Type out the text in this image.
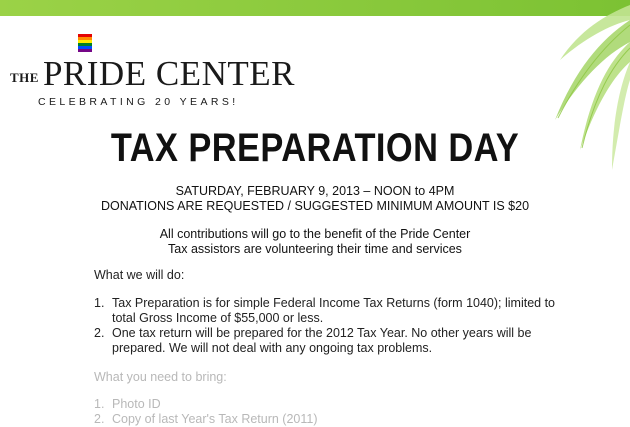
THE PRIDE CENTER
CELEBRATING 20 YEARS!
TAX PREPARATION DAY
SATURDAY, FEBRUARY 9, 2013 – NOON to 4PM
DONATIONS ARE REQUESTED / SUGGESTED MINIMUM AMOUNT IS $20
All contributions will go to the benefit of the Pride Center
Tax assistors are volunteering their time and services
What we will do:
1. Tax Preparation is for simple Federal Income Tax Returns (form 1040); limited to total Gross Income of $55,000 or less.
2. One tax return will be prepared for the 2012 Tax Year. No other years will be prepared. We will not deal with any ongoing tax problems.
What you need to bring:
1. Photo ID
2. Copy of last Year's Tax Return (2011)
